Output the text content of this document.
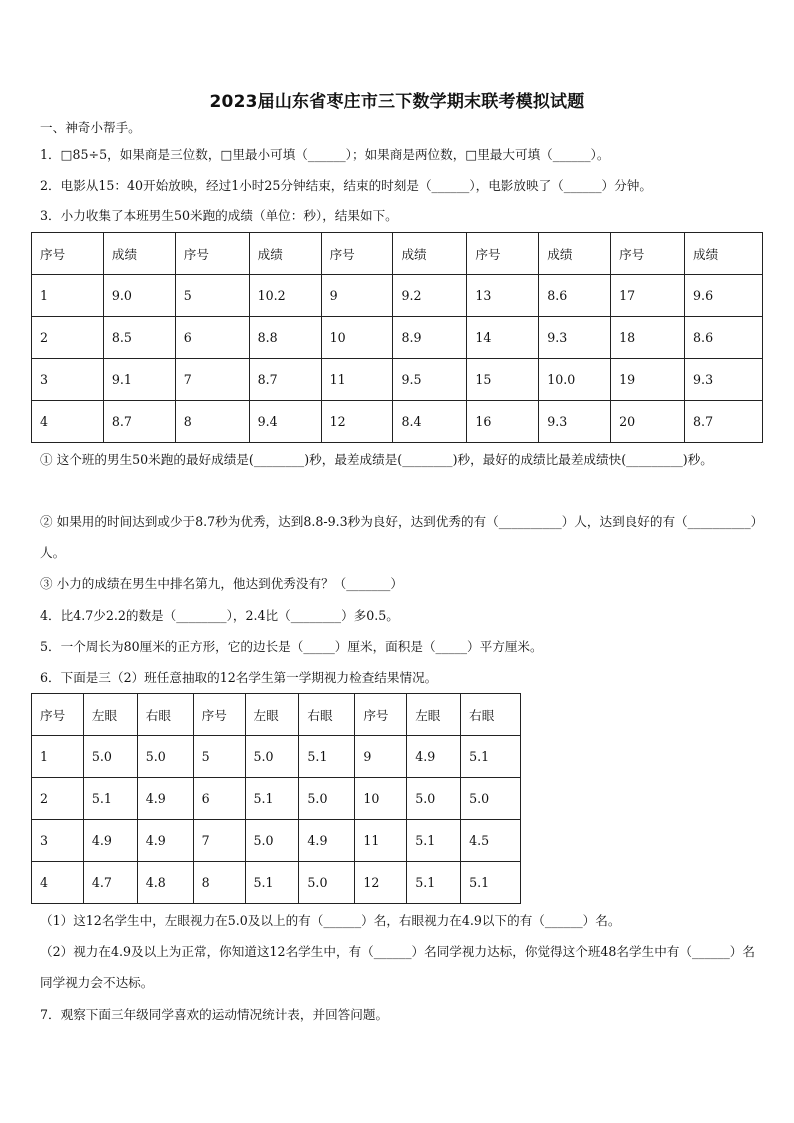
2023届山东省枣庄市三下数学期末联考模拟试题
一、神奇小帮手。
1．□85÷5，如果商是三位数，□里最小可填（______）；如果商是两位数，□里最大可填（______）。
2．电影从15：40开始放映，经过1小时25分钟结束，结束的时刻是（______），电影放映了（______）分钟。
3．小力收集了本班男生50米跑的成绩（单位：秒），结果如下。
序号	成绩	序号	成绩	序号	成绩	序号	成绩	序号	成绩
1	9.0	5	10.2	9	9.2	13	8.6	17	9.6
2	8.5	6	8.8	10	8.9	14	9.3	18	8.6
3	9.1	7	8.7	11	9.5	15	10.0	19	9.3
4	8.7	8	9.4	12	8.4	16	9.3	20	8.7
① 这个班的男生50米跑的最好成绩是(________)秒，最差成绩是(________)秒，最好的成绩比最差成绩快(_________)秒。
② 如果用的时间达到或少于8.7秒为优秀，达到8.8-9.3秒为良好，达到优秀的有（__________）人，达到良好的有（__________）人。
③ 小力的成绩在男生中排名第九，他达到优秀没有？（_______）
4．比4.7少2.2的数是（________），2.4比（________）多0.5。
5．一个周长为80厘米的正方形，它的边长是（_____）厘米，面积是（_____）平方厘米。
6．下面是三（2）班任意抽取的12名学生第一学期视力检查结果情况。
序号	左眼	右眼	序号	左眼	右眼	序号	左眼	右眼
1	5.0	5.0	5	5.0	5.1	9	4.9	5.1
2	5.1	4.9	6	5.1	5.0	10	5.0	5.0
3	4.9	4.9	7	5.0	4.9	11	5.1	4.5
4	4.7	4.8	8	5.1	5.0	12	5.1	5.1
（1）这12名学生中，左眼视力在5.0及以上的有（______）名，右眼视力在4.9以下的有（______）名。
（2）视力在4.9及以上为正常，你知道这12名学生中，有（______）名同学视力达标，你觉得这个班48名学生中有（______）名同学视力会不达标。
7．观察下面三年级同学喜欢的运动情况统计表，并回答问题。
